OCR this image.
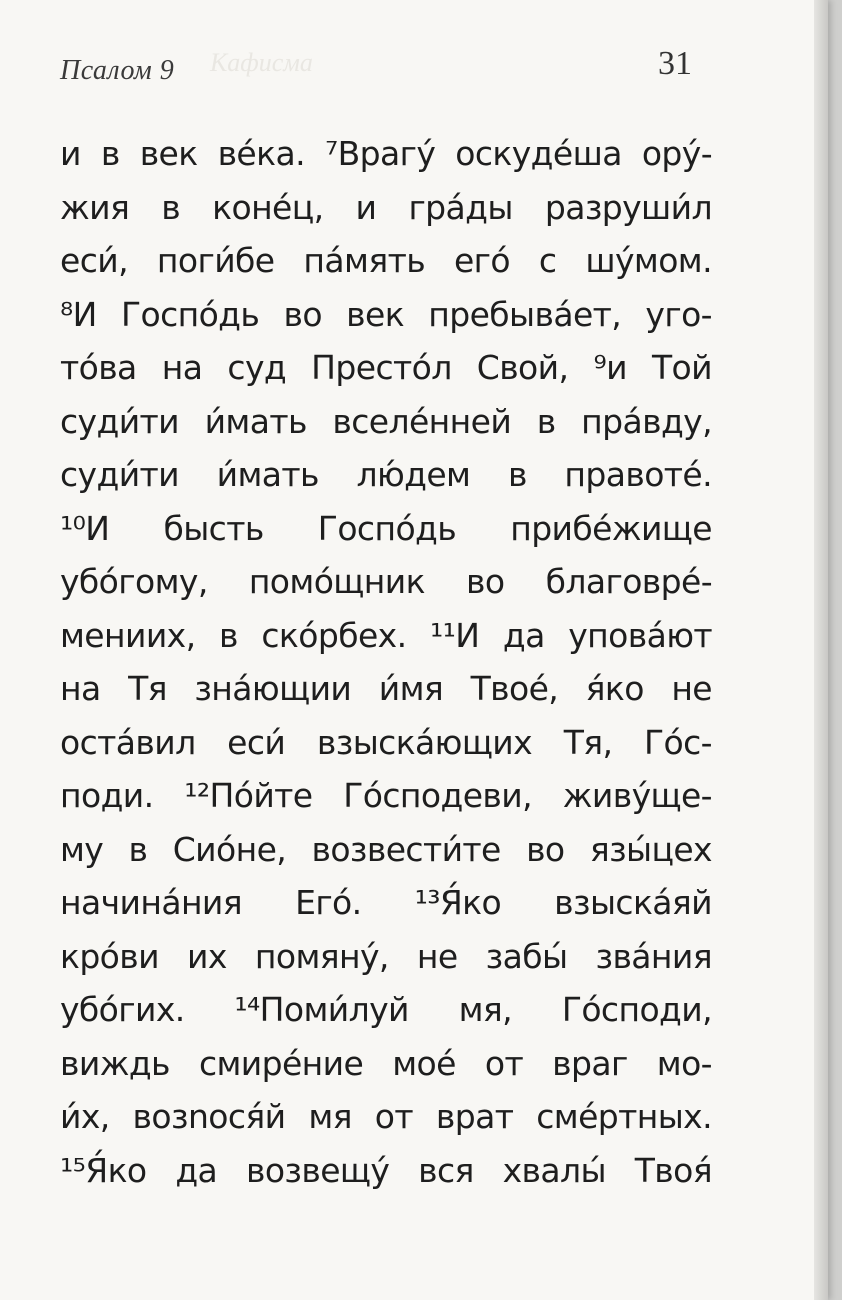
Кафисма
Псалом 9	31
и в век ве́ка. ⁷Врагу́ оскуде́ша ору́-
жия в коне́ц, и гра́ды разруши́л
еси́, поги́бе па́мять его́ с шу́мом.
⁸И Госпо́дь во век пребыва́ет, уго-
то́ва на суд Престо́л Свой, ⁹и Той
суди́ти и́мать вселе́нней в пра́вду,
суди́ти и́мать лю́дем в правоте́.
¹⁰И бысть Госпо́дь прибе́жище
убо́гому, помо́щник во благовре́-
мениих, в ско́рбех. ¹¹И да упова́ют
на Тя зна́ющии и́мя Твое́, я́ко не
оста́вил еси́ взыска́ющих Тя, Го́с-
поди. ¹²По́йте Го́сподеви, живу́ще-
му в Сио́не, возвести́те во язы́цех
начина́ния Его́. ¹³Я́ко взыска́яй
кро́ви их помяну́, не забы́ зва́ния
убо́гих. ¹⁴Поми́луй мя, Го́споди,
виждь смире́ние мое́ от враг мо-
и́х, возnoся́й мя от врат сме́ртных.
¹⁵Я́ко да возвещу́ вся хвалы́ Твоя́
